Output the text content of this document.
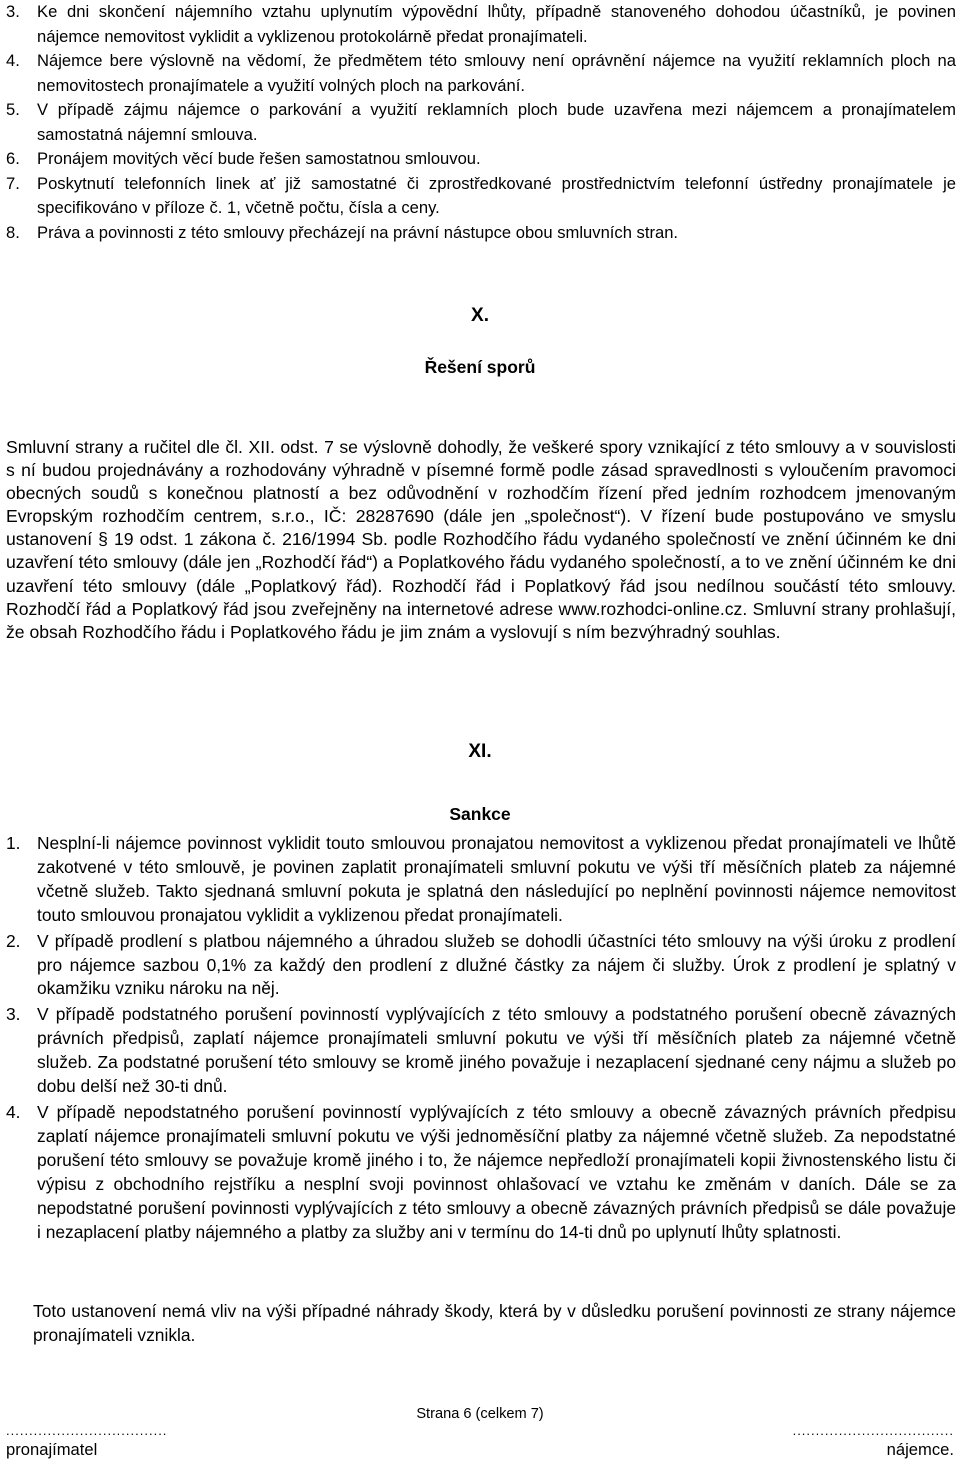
3.	Ke dni skončení nájemního vztahu uplynutím výpovědní lhůty, případně stanoveného dohodou účastníků, je povinen nájemce nemovitost vyklidit a vyklizenou protokolárně předat pronajímateli.
4.	Nájemce bere výslovně na vědomí, že předmětem této smlouvy není oprávnění nájemce na využití reklamních ploch na nemovitostech pronajímatele a využití volných ploch na parkování.
5.	V případě zájmu nájemce o parkování a využití reklamních ploch bude uzavřena mezi nájemcem a pronajímatelem samostatná nájemní smlouva.
6.	Pronájem movitých věcí bude řešen samostatnou smlouvou.
7.	Poskytnutí telefonních linek ať již samostatné či zprostředkované prostřednictvím telefonní ústředny pronajímatele je specifikováno v příloze č. 1, včetně počtu, čísla a ceny.
8.	Práva a povinnosti z této smlouvy přecházejí na právní nástupce obou smluvních stran.
X.
Řešení sporů

Smluvní strany a ručitel dle čl. XII. odst. 7 se výslovně dohodly, že veškeré spory vznikající z této smlouvy a v souvislosti s ní budou projednávány a rozhodovány výhradně v písemné formě podle zásad spravedlnosti s vyloučením pravomoci obecných soudů s konečnou platností a bez odůvodnění v rozhodčím řízení před jedním rozhodcem jmenovaným Evropským rozhodčím centrem, s.r.o., IČ: 28287690 (dále jen „společnost“). V řízení bude postupováno ve smyslu ustanovení § 19 odst. 1 zákona č. 216/1994 Sb. podle Rozhodčího řádu vydaného společností ve znění účinném ke dni uzavření této smlouvy (dále jen „Rozhodčí řád“) a Poplatkového řádu vydaného společností, a to ve znění účinném ke dni uzavření této smlouvy (dále „Poplatkový řád). Rozhodčí řád i Poplatkový řád jsou nedílnou součástí této smlouvy. Rozhodčí řád a Poplatkový řád jsou zveřejněny na internetové adrese www.rozhodci-online.cz. Smluvní strany prohlašují, že obsah Rozhodčího řádu i Poplatkového řádu je jim znám a vyslovují s ním bezvýhradný souhlas.

XI.
Sankce
1. Nesplní-li nájemce povinnost vyklidit touto smlouvou pronajatou nemovitost a vyklizenou předat pronajímateli ve lhůtě zakotvené v této smlouvě, je povinen zaplatit pronajímateli smluvní pokutu ve výši tří měsíčních plateb za nájemné včetně služeb. Takto sjednaná smluvní pokuta je splatná den následující po neplnění povinnosti nájemce nemovitost touto smlouvou pronajatou vyklidit a vyklizenou předat pronajímateli.
2. V případě prodlení s platbou nájemného a úhradou služeb se dohodli účastníci této smlouvy na výši úroku z prodlení pro nájemce sazbou 0,1% za každý den prodlení z dlužné částky za nájem či služby. Úrok z prodlení je splatný v okamžiku vzniku nároku na něj.
3. V případě podstatného porušení povinností vyplývajících z této smlouvy a podstatného porušení obecně závazných právních předpisů, zaplatí nájemce pronajímateli smluvní pokutu ve výši tří měsíčních plateb za nájemné včetně služeb. Za podstatné porušení této smlouvy se kromě jiného považuje i nezaplacení sjednané ceny nájmu a služeb po dobu delší než 30-ti dnů.
4. V případě nepodstatného porušení povinností vyplývajících z této smlouvy a obecně závazných právních předpisu zaplatí nájemce pronajímateli smluvní pokutu ve výši jednoměsíční platby za nájemné včetně služeb. Za nepodstatné porušení této smlouvy se považuje kromě jiného i to, že nájemce nepředloží pronajímateli kopii živnostenského listu či výpisu z obchodního rejstříku a nesplní svoji povinnost ohlašovací ve vztahu ke změnám v daních. Dále se za nepodstatné porušení povinnosti vyplývajících z této smlouvy a obecně závazných právních předpisů se dále považuje i nezaplacení platby nájemného a platby za služby ani v termínu do 14-ti dnů po uplynutí lhůty splatnosti.

Toto ustanovení nemá vliv na výši případné náhrady škody, která by v důsledku porušení povinnosti ze strany nájemce pronajímateli vznikla.

Strana 6 (celkem 7)
...................................	...................................
pronajímatel	nájemce.
